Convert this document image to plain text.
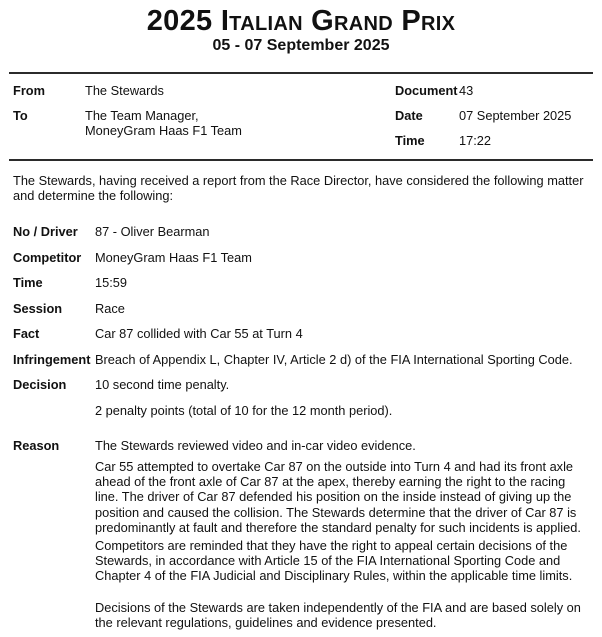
2025 Italian Grand Prix
05 - 07 September 2025
From	The Stewards
To	The Team Manager,
MoneyGram Haas F1 Team
Document 43
Date	07 September 2025
Time	17:22

The Stewards, having received a report from the Race Director, have considered the following matter and determine the following:

No / Driver	87 - Oliver Bearman
Competitor	MoneyGram Haas F1 Team
Time	15:59
Session	Race
Fact	Car 87 collided with Car 55 at Turn 4
Infringement Breach of Appendix L, Chapter IV, Article 2 d) of the FIA International Sporting Code.
Decision	10 second time penalty.
2 penalty points (total of 10 for the 12 month period).
Reason	The Stewards reviewed video and in-car video evidence.

Car 55 attempted to overtake Car 87 on the outside into Turn 4 and had its front axle ahead of the front axle of Car 87 at the apex, thereby earning the right to the racing line. The driver of Car 87 defended his position on the inside instead of giving up the position and caused the collision. The Stewards determine that the driver of Car 87 is predominantly at fault and therefore the standard penalty for such incidents is applied.

Competitors are reminded that they have the right to appeal certain decisions of the Stewards, in accordance with Article 15 of the FIA International Sporting Code and Chapter 4 of the FIA Judicial and Disciplinary Rules, within the applicable time limits.

Decisions of the Stewards are taken independently of the FIA and are based solely on the relevant regulations, guidelines and evidence presented.
